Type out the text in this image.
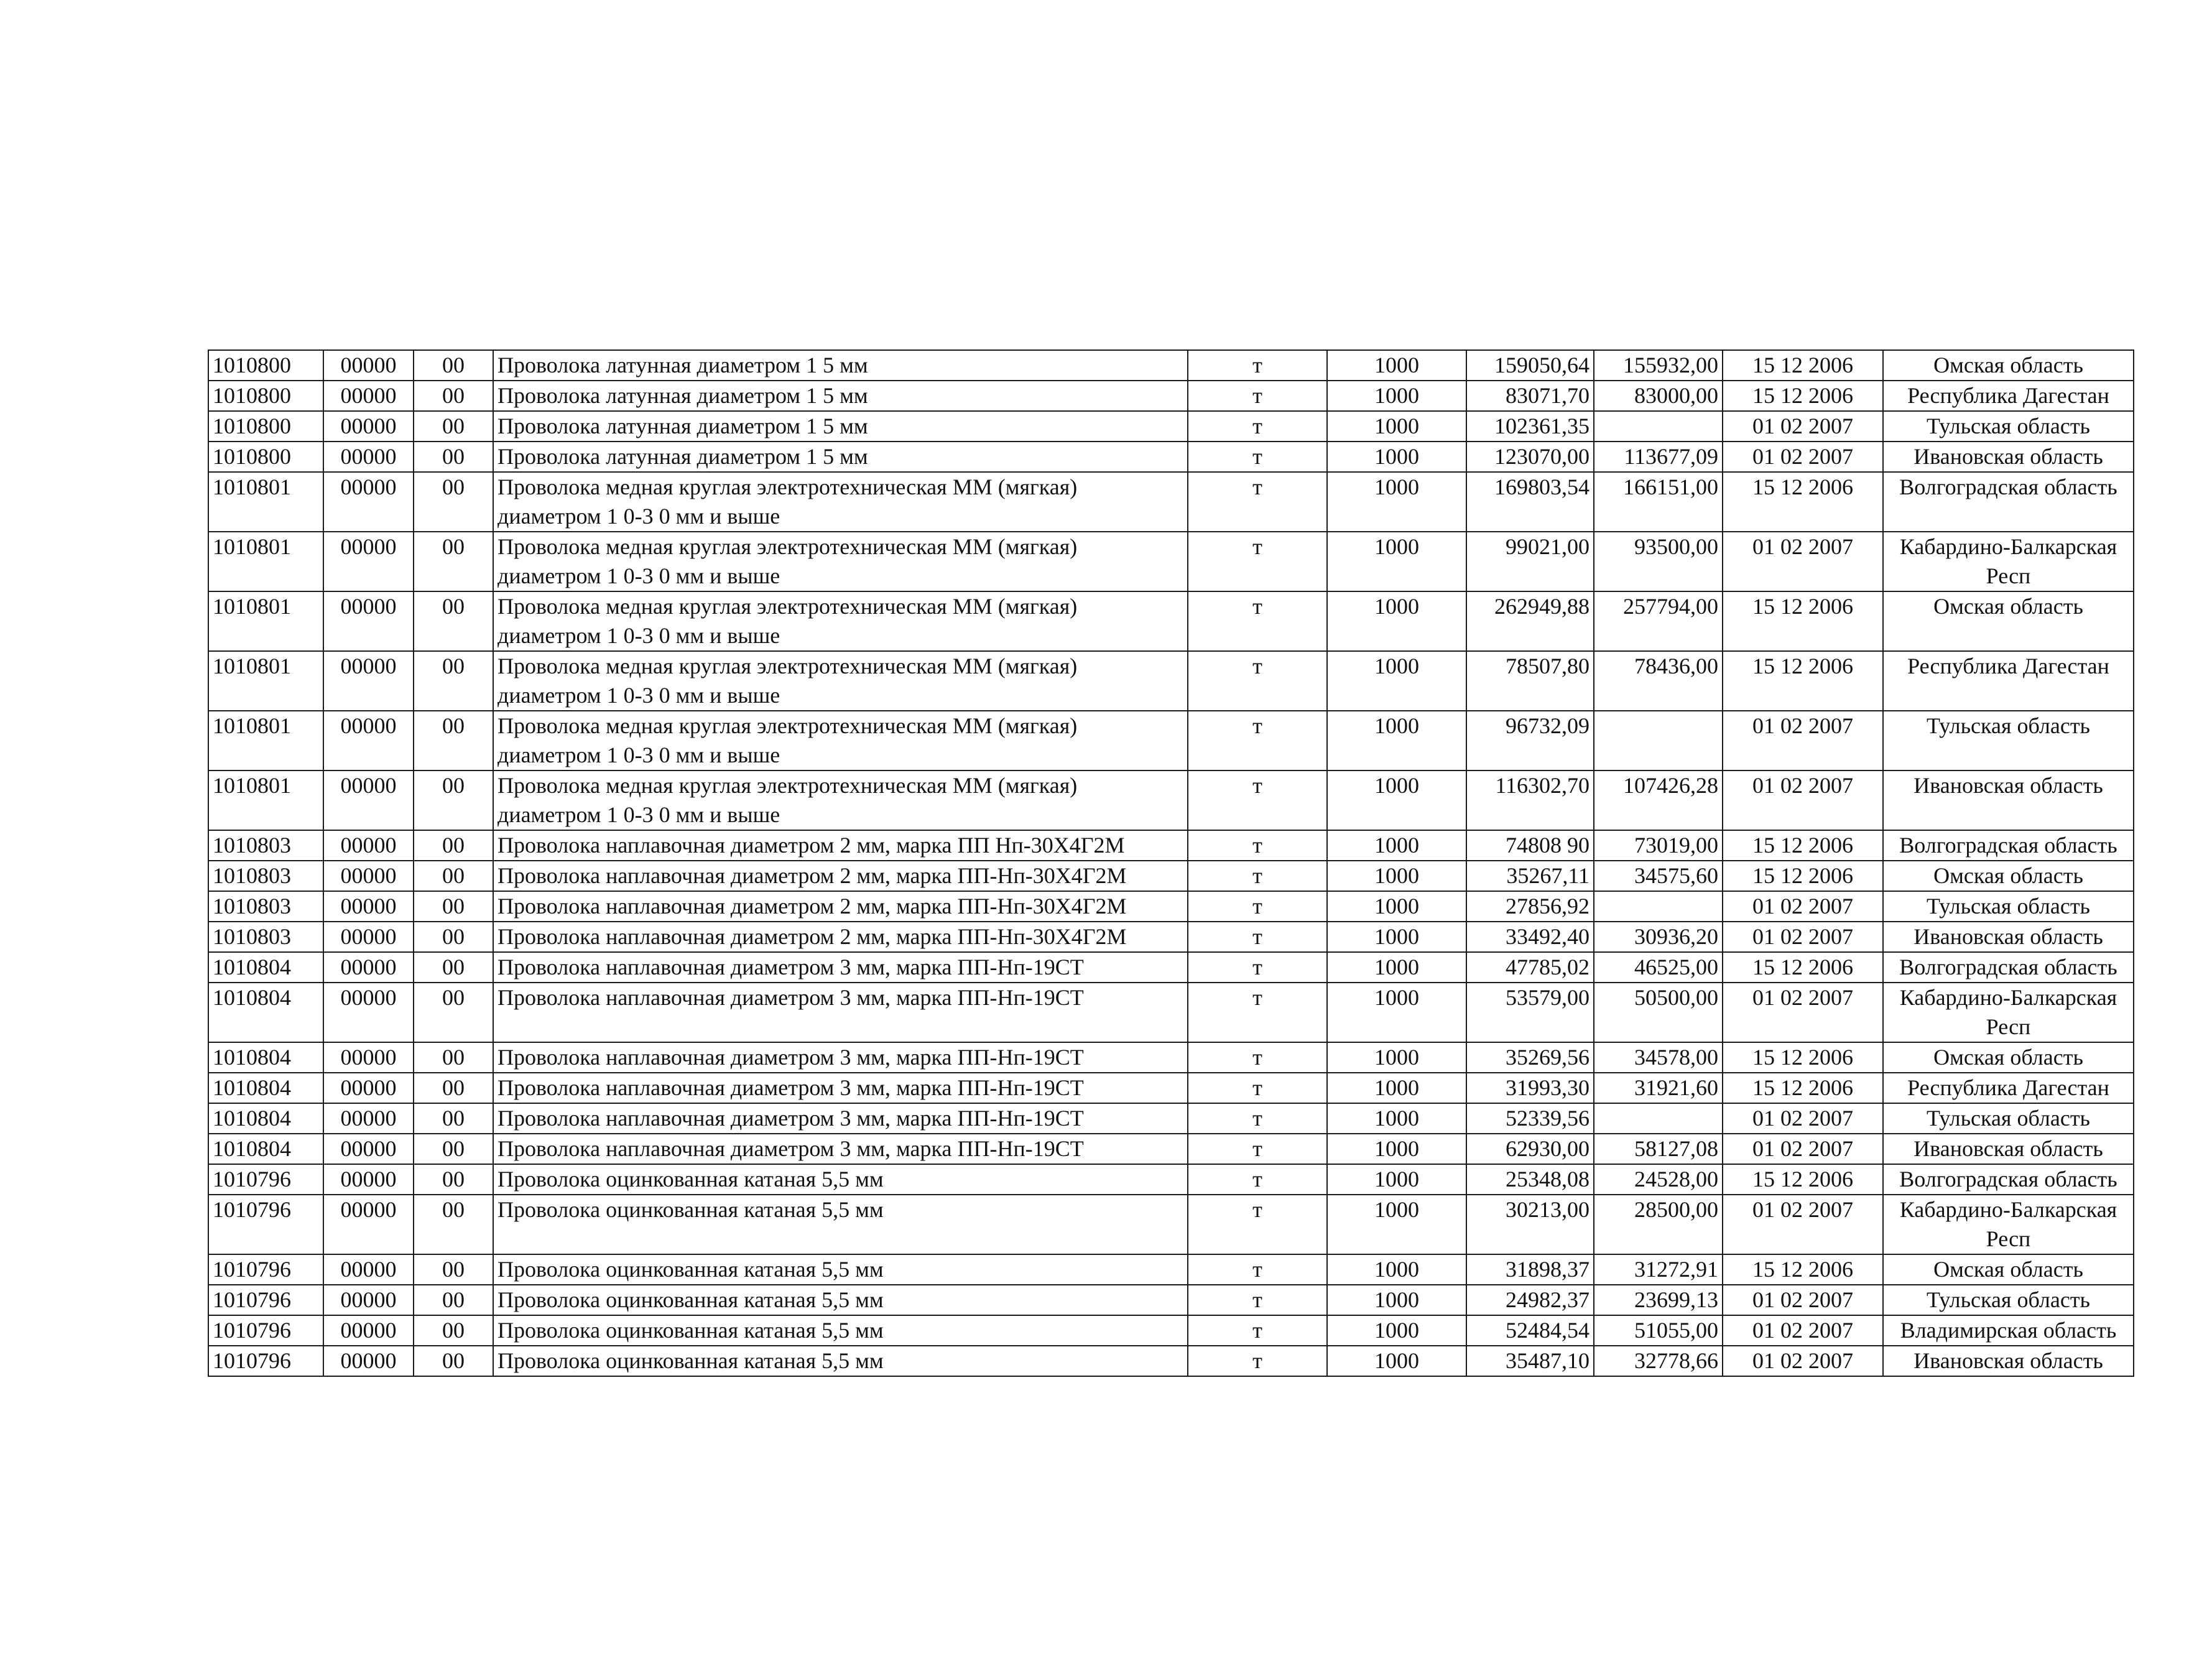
1010800	00000	00	Проволока латунная диаметром 1 5 мм	т	1000	159050,64	155932,00	15 12 2006	Омская область
1010800	00000	00	Проволока латунная диаметром 1 5 мм	т	1000	83071,70	83000,00	15 12 2006	Республика Дагестан
1010800	00000	00	Проволока латунная диаметром 1 5 мм	т	1000	102361,35		01 02 2007	Тульская область
1010800	00000	00	Проволока латунная диаметром 1 5 мм	т	1000	123070,00	113677,09	01 02 2007	Ивановская область
1010801	00000	00	Проволока медная круглая электротехническая ММ (мягкая) диаметром 1 0-3 0 мм и выше	т	1000	169803,54	166151,00	15 12 2006	Волгоградская область
1010801	00000	00	Проволока медная круглая электротехническая ММ (мягкая) диаметром 1 0-3 0 мм и выше	т	1000	99021,00	93500,00	01 02 2007	Кабардино-Балкарская Респ
1010801	00000	00	Проволока медная круглая электротехническая ММ (мягкая) диаметром 1 0-3 0 мм и выше	т	1000	262949,88	257794,00	15 12 2006	Омская область
1010801	00000	00	Проволока медная круглая электротехническая ММ (мягкая) диаметром 1 0-3 0 мм и выше	т	1000	78507,80	78436,00	15 12 2006	Республика Дагестан
1010801	00000	00	Проволока медная круглая электротехническая ММ (мягкая) диаметром 1 0-3 0 мм и выше	т	1000	96732,09		01 02 2007	Тульская область
1010801	00000	00	Проволока медная круглая электротехническая ММ (мягкая) диаметром 1 0-3 0 мм и выше	т	1000	116302,70	107426,28	01 02 2007	Ивановская область
1010803	00000	00	Проволока наплавочная диаметром 2 мм, марка ПП Нп-30Х4Г2М	т	1000	74808 90	73019,00	15 12 2006	Волгоградская область
1010803	00000	00	Проволока наплавочная диаметром 2 мм, марка ПП-Нп-30Х4Г2М	т	1000	35267,11	34575,60	15 12 2006	Омская область
1010803	00000	00	Проволока наплавочная диаметром 2 мм, марка ПП-Нп-30Х4Г2М	т	1000	27856,92		01 02 2007	Тульская область
1010803	00000	00	Проволока наплавочная диаметром 2 мм, марка ПП-Нп-30Х4Г2М	т	1000	33492,40	30936,20	01 02 2007	Ивановская область
1010804	00000	00	Проволока наплавочная диаметром 3 мм, марка ПП-Нп-19СТ	т	1000	47785,02	46525,00	15 12 2006	Волгоградская область
1010804	00000	00	Проволока наплавочная диаметром 3 мм, марка ПП-Нп-19СТ	т	1000	53579,00	50500,00	01 02 2007	Кабардино-Балкарская Респ
1010804	00000	00	Проволока наплавочная диаметром 3 мм, марка ПП-Нп-19СТ	т	1000	35269,56	34578,00	15 12 2006	Омская область
1010804	00000	00	Проволока наплавочная диаметром 3 мм, марка ПП-Нп-19СТ	т	1000	31993,30	31921,60	15 12 2006	Республика Дагестан
1010804	00000	00	Проволока наплавочная диаметром 3 мм, марка ПП-Нп-19СТ	т	1000	52339,56		01 02 2007	Тульская область
1010804	00000	00	Проволока наплавочная диаметром 3 мм, марка ПП-Нп-19СТ	т	1000	62930,00	58127,08	01 02 2007	Ивановская область
1010796	00000	00	Проволока оцинкованная катаная 5,5 мм	т	1000	25348,08	24528,00	15 12 2006	Волгоградская область
1010796	00000	00	Проволока оцинкованная катаная 5,5 мм	т	1000	30213,00	28500,00	01 02 2007	Кабардино-Балкарская Респ
1010796	00000	00	Проволока оцинкованная катаная 5,5 мм	т	1000	31898,37	31272,91	15 12 2006	Омская область
1010796	00000	00	Проволока оцинкованная катаная 5,5 мм	т	1000	24982,37	23699,13	01 02 2007	Тульская область
1010796	00000	00	Проволока оцинкованная катаная 5,5 мм	т	1000	52484,54	51055,00	01 02 2007	Владимирская область
1010796	00000	00	Проволока оцинкованная катаная 5,5 мм	т	1000	35487,10	32778,66	01 02 2007	Ивановская область
